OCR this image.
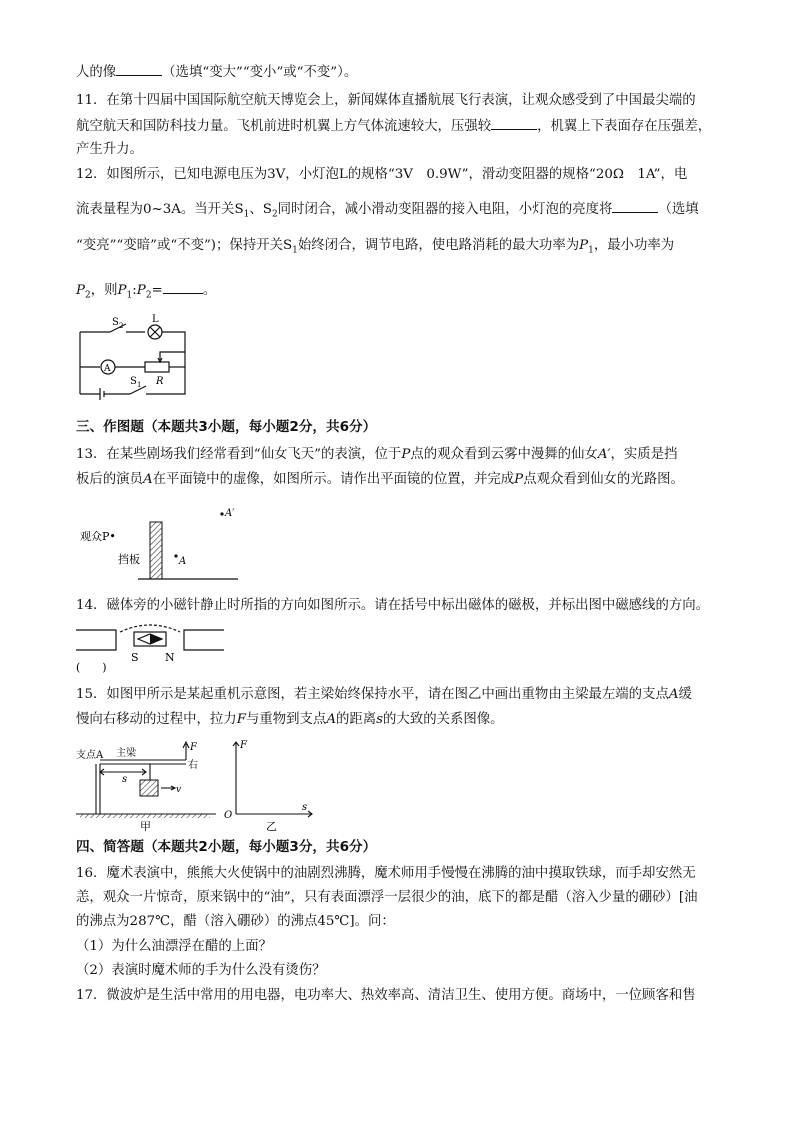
人的像	（选填“变大”“变小”或“不变”）。
11．在第十四届中国国际航空航天博览会上，新闻媒体直播航展飞行表演，让观众感受到了中国最尖端的
航空航天和国防科技力量。飞机前进时机翼上方气体流速较大，压强较	，机翼上下表面存在压强差，
产生升力。
12．如图所示，已知电源电压为3V，小灯泡L的规格“3V　0.9W”，滑动变阻器的规格“20Ω　1A”，电
流表量程为0~3A。当开关$S_1$、$S_2$同时闭合，减小滑动变阻器的接入电阻，小灯泡的亮度将	（选填
“变亮”“变暗”或“不变”)；保持开关$S_1$始终闭合，调节电路，使电路消耗的最大功率为$P_1$，最小功率为
$P_2$，则$P_1:P_2=$	。
S 2
L
A
R
S 1
三、作图题（本题共3小题，每小题2分，共6分）
13．在某些剧场我们经常看到“仙女飞天”的表演，位于P点的观众看到云雾中漫舞的仙女A′，实质是挡
板后的演员A在平面镜中的虚像，如图所示。请作出平面镜的位置，并完成P点观众看到仙女的光路图。
观众P•
挡板	A
A′
14．磁体旁的小磁针静止时所指的方向如图所示。请在括号中标出磁体的磁极，并标出图中磁感线的方向。
S N
(　　)
15．如图甲所示是某起重机示意图，若主梁始终保持水平，请在图乙中画出重物由主梁最左端的支点A缓
慢向右移动的过程中，拉力F与重物到支点A的距离s的大致的关系图像。
支点A 主梁
F
右
s
v
甲
F
O
s
乙
四、简答题（本题共2小题，每小题3分，共6分）
16．魔术表演中，熊熊大火使锅中的油剧烈沸腾，魔术师用手慢慢在沸腾的油中摸取铁球，而手却安然无
恙，观众一片惊奇，原来锅中的“油”，只有表面漂浮一层很少的油，底下的都是醋（溶入少量的硼砂）[油
的沸点为287℃，醋（溶入硼砂）的沸点45℃]。问：
（1）为什么油漂浮在醋的上面？
（2）表演时魔术师的手为什么没有烫伤？
17．微波炉是生活中常用的用电器，电功率大、热效率高、清洁卫生、使用方便。商场中，一位顾客和售
